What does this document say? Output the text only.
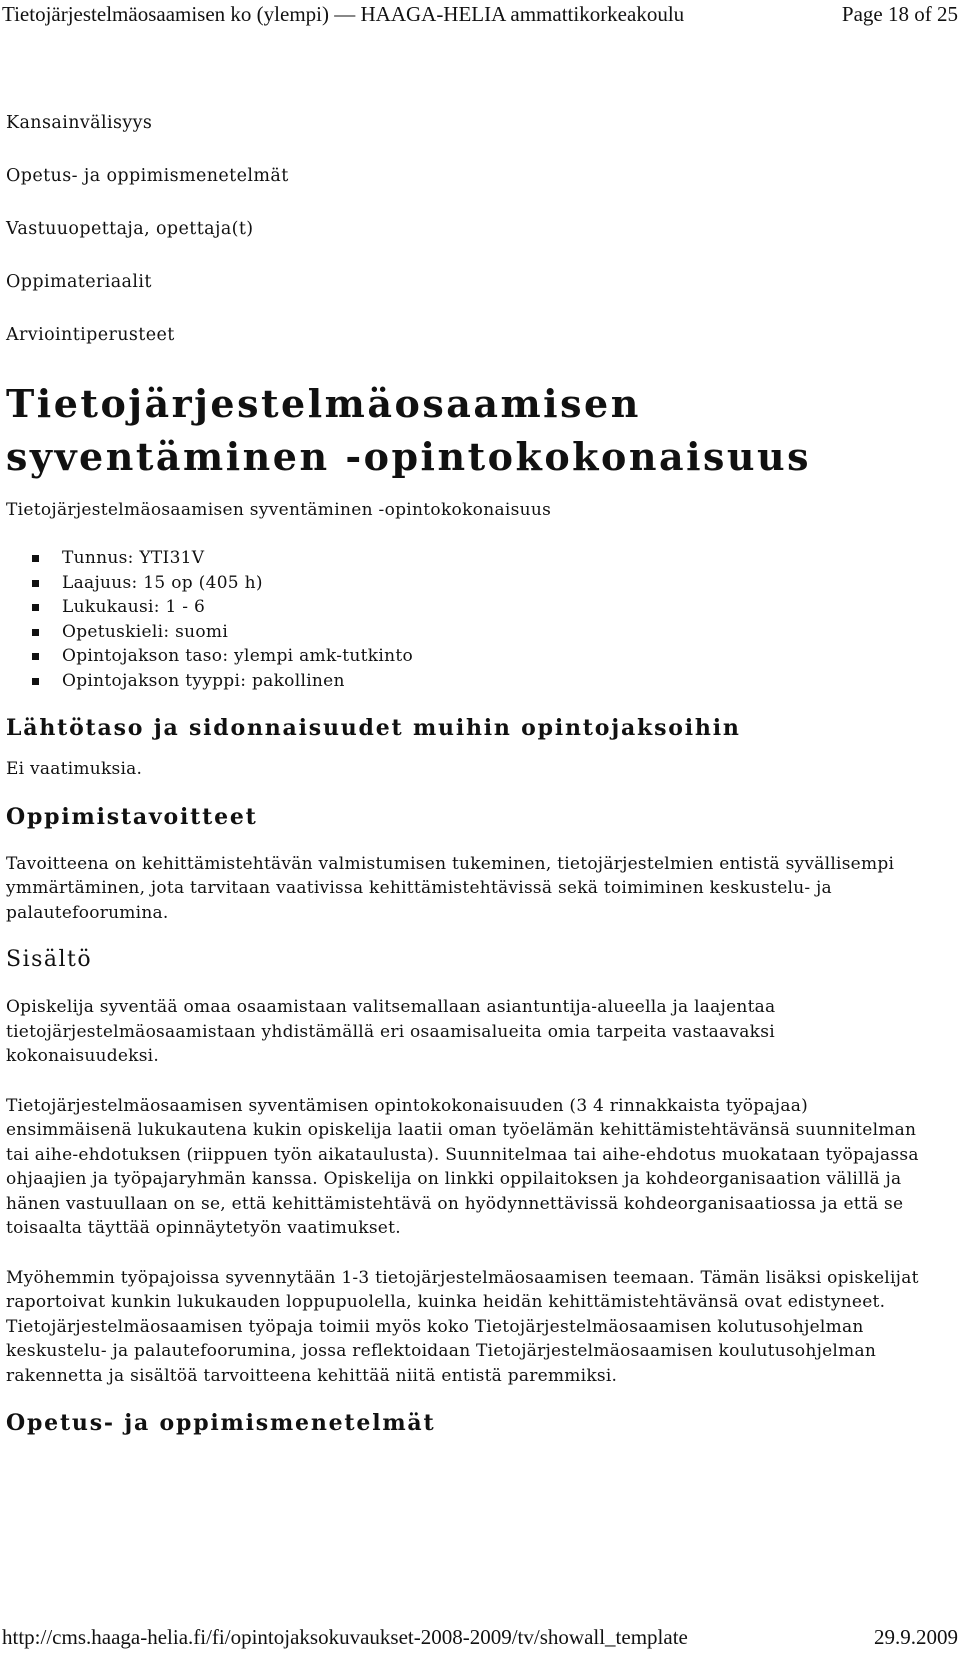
Tietojärjestelmäosaamisen ko (ylempi) — HAAGA-HELIA ammattikorkeakoulu	Page 18 of 25

Kansainvälisyys

Opetus- ja oppimismenetelmät

Vastuuopettaja, opettaja(t)

Oppimateriaalit

Arviointiperusteet

Tietojärjestelmäosaamisen
syventäminen -opintokokonaisuus

Tietojärjestelmäosaamisen syventäminen -opintokokonaisuus

Tunnus: YTI31V
Laajuus: 15 op (405 h)
Lukukausi: 1 - 6
Opetuskieli: suomi
Opintojakson taso: ylempi amk-tutkinto
Opintojakson tyyppi: pakollinen
Lähtötaso ja sidonnaisuudet muihin opintojaksoihin

Ei vaatimuksia.

Oppimistavoitteet

Tavoitteena on kehittämistehtävän valmistumisen tukeminen, tietojärjestelmien entistä syvällisempi ymmärtäminen, jota tarvitaan vaativissa kehittämistehtävissä sekä toimiminen keskustelu- ja palautefoorumina.

Sisältö

Opiskelija syventää omaa osaamistaan valitsemallaan asiantuntija-alueella ja laajentaa tietojärjestelmäosaamistaan yhdistämällä eri osaamisalueita omia tarpeita vastaavaksi kokonaisuudeksi.

Tietojärjestelmäosaamisen syventämisen opintokokonaisuuden (3 4 rinnakkaista työpajaa) ensimmäisenä lukukautena kukin opiskelija laatii oman työelämän kehittämistehtävänsä suunnitelman tai aihe-ehdotuksen (riippuen työn aikataulusta). Suunnitelmaa tai aihe-ehdotus muokataan työpajassa ohjaajien ja työpajaryhmän kanssa. Opiskelija on linkki oppilaitoksen ja kohdeorganisaation välillä ja hänen vastuullaan on se, että kehittämistehtävä on hyödynnettävissä kohdeorganisaatiossa ja että se toisaalta täyttää opinnäytetyön vaatimukset.

Myöhemmin työpajoissa syvennytään 1-3 tietojärjestelmäosaamisen teemaan. Tämän lisäksi opiskelijat raportoivat kunkin lukukauden loppupuolella, kuinka heidän kehittämistehtävänsä ovat edistyneet. Tietojärjestelmäosaamisen työpaja toimii myös koko Tietojärjestelmäosaamisen kolutusohjelman keskustelu- ja palautefoorumina, jossa reflektoidaan Tietojärjestelmäosaamisen koulutusohjelman rakennetta ja sisältöä tarvoitteena kehittää niitä entistä paremmiksi.

Opetus- ja oppimismenetelmät
http://cms.haaga-helia.fi/fi/opintojaksokuvaukset-2008-2009/tv/showall_template	29.9.2009
